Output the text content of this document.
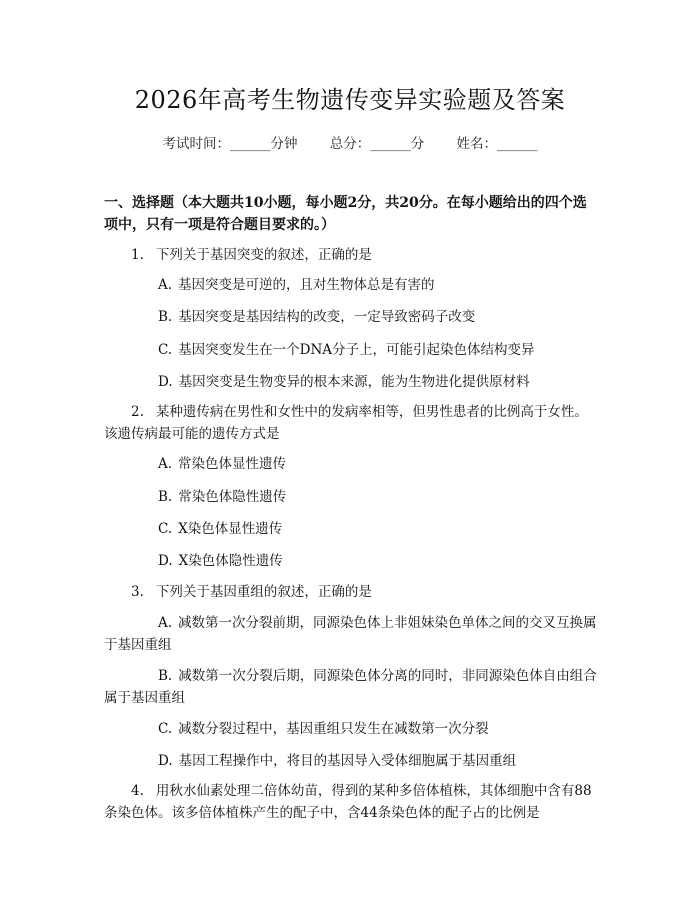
2026年高考生物遗传变异实验题及答案
考试时间：______分钟 总分：______分 姓名：______
一、选择题（本大题共10小题，每小题2分，共20分。在每小题给出的四个选项中，只有一项是符合题目要求的。）
1. 下列关于基因突变的叙述，正确的是
A. 基因突变是可逆的，且对生物体总是有害的
B. 基因突变是基因结构的改变，一定导致密码子改变
C. 基因突变发生在一个DNA分子上，可能引起染色体结构变异
D. 基因突变是生物变异的根本来源，能为生物进化提供原材料
2. 某种遗传病在男性和女性中的发病率相等，但男性患者的比例高于女性。该遗传病最可能的遗传方式是
A. 常染色体显性遗传
B. 常染色体隐性遗传
C. X染色体显性遗传
D. X染色体隐性遗传
3. 下列关于基因重组的叙述，正确的是
A. 减数第一次分裂前期，同源染色体上非姐妹染色单体之间的交叉互换属于基因重组
B. 减数第一次分裂后期，同源染色体分离的同时，非同源染色体自由组合属于基因重组
C. 减数分裂过程中，基因重组只发生在减数第一次分裂
D. 基因工程操作中，将目的基因导入受体细胞属于基因重组
4. 用秋水仙素处理二倍体幼苗，得到的某种多倍体植株，其体细胞中含有88条染色体。该多倍体植株产生的配子中，含44条染色体的配子占的比例是
